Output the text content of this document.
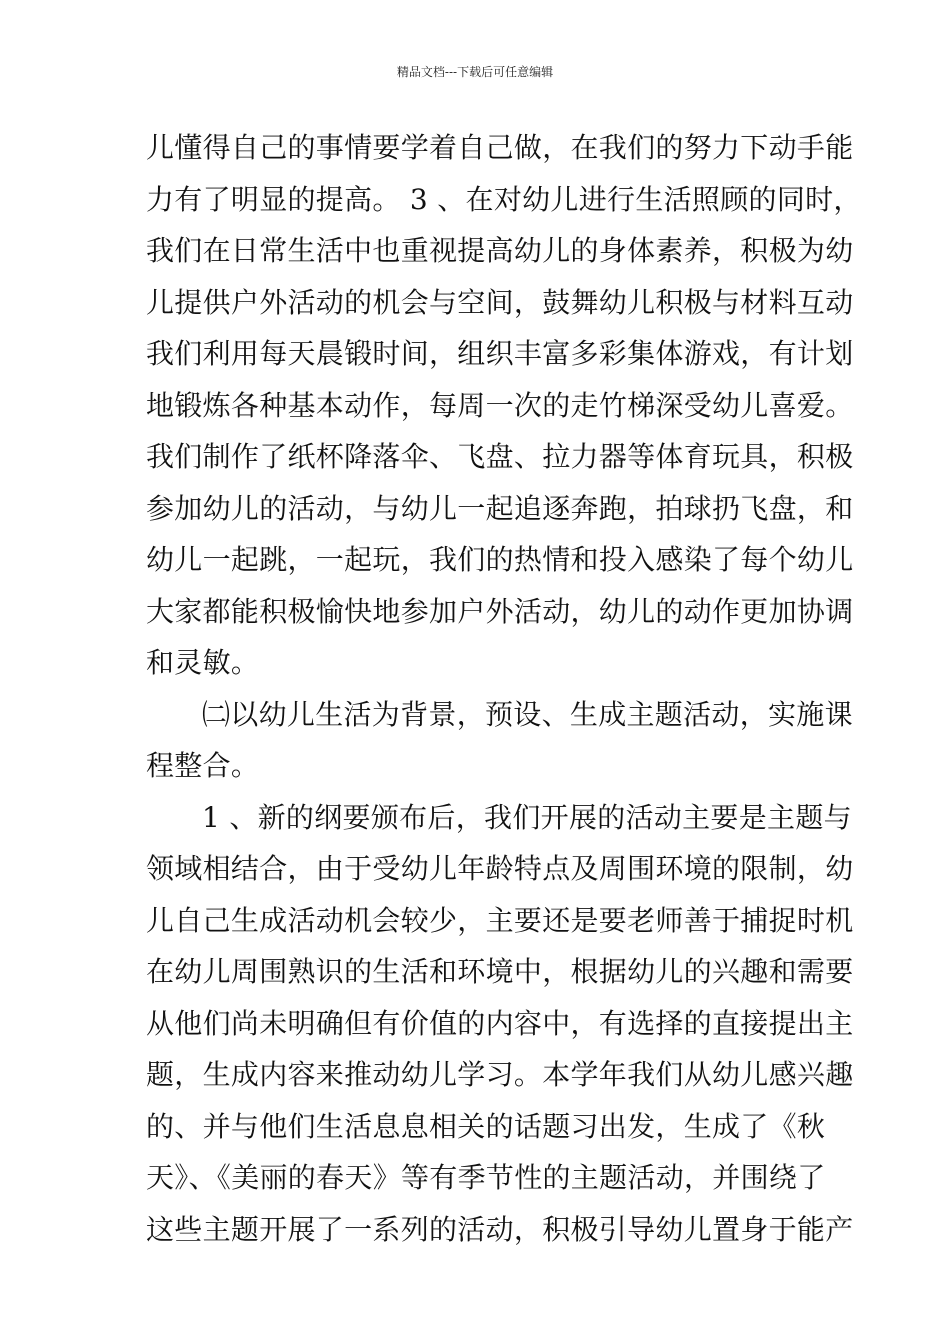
精品文档---下载后可任意编辑
儿懂得自己的事情要学着自己做，在我们的努力下动手能
力有了明显的提高。 3 、在对幼儿进行生活照顾的同时，
我们在日常生活中也重视提高幼儿的身体素养，积极为幼
儿提供户外活动的机会与空间，鼓舞幼儿积极与材料互动
我们利用每天晨锻时间，组织丰富多彩集体游戏，有计划
地锻炼各种基本动作，每周一次的走竹梯深受幼儿喜爱。
我们制作了纸杯降落伞、飞盘、拉力器等体育玩具，积极
参加幼儿的活动，与幼儿一起追逐奔跑，拍球扔飞盘，和
幼儿一起跳，一起玩，我们的热情和投入感染了每个幼儿
大家都能积极愉快地参加户外活动，幼儿的动作更加协调
和灵敏。
㈡以幼儿生活为背景，预设、生成主题活动，实施课
程整合。
1 、新的纲要颁布后，我们开展的活动主要是主题与
领域相结合，由于受幼儿年龄特点及周围环境的限制，幼
儿自己生成活动机会较少，主要还是要老师善于捕捉时机
在幼儿周围熟识的生活和环境中，根据幼儿的兴趣和需要
从他们尚未明确但有价值的内容中，有选择的直接提出主
题，生成内容来推动幼儿学习。本学年我们从幼儿感兴趣
的、并与他们生活息息相关的话题习出发，生成了《秋
天》、《美丽的春天》等有季节性的主题活动，并围绕了
这些主题开展了一系列的活动，积极引导幼儿置身于能产
